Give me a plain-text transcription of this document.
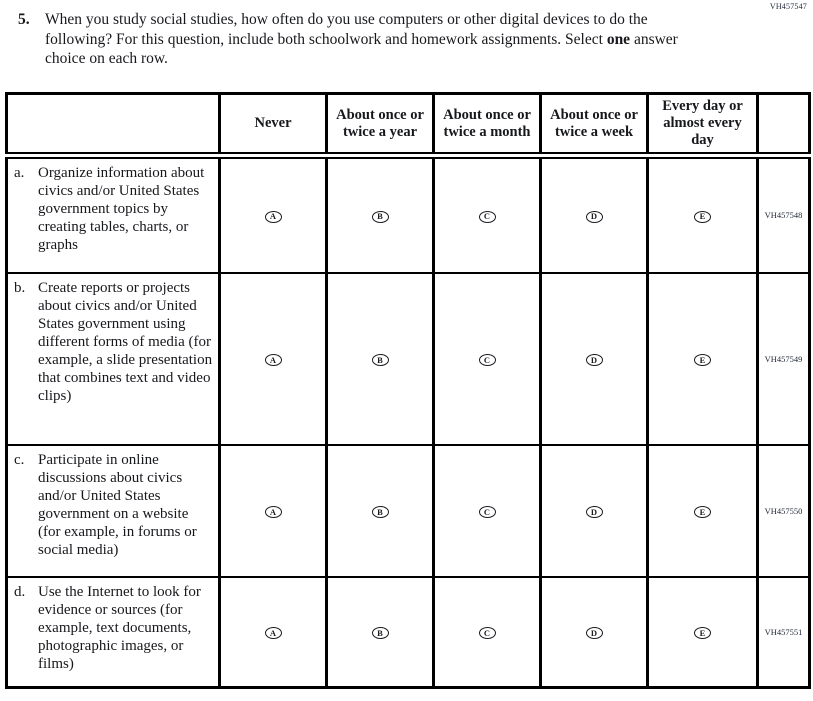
VH457547
5. When you study social studies, how often do you use computers or other digital devices to do the following? For this question, include both schoolwork and homework assignments. Select one answer choice on each row.
	Never	About once or twice a year	About once or twice a month	About once or twice a week	Every day or almost every day	

a. Organize information about civics and/or United States government topics by creating tables, charts, or graphs	A	B	C	D	E	VH457548

b. Create reports or projects about civics and/or United States government using different forms of media (for example, a slide presentation that combines text and video clips)	A	B	C	D	E	VH457549

c. Participate in online discussions about civics and/or United States government on a website (for example, in forums or social media)	A	B	C	D	E	VH457550

d. Use the Internet to look for evidence or sources (for example, text documents, photographic images, or films)	A	B	C	D	E	VH457551
